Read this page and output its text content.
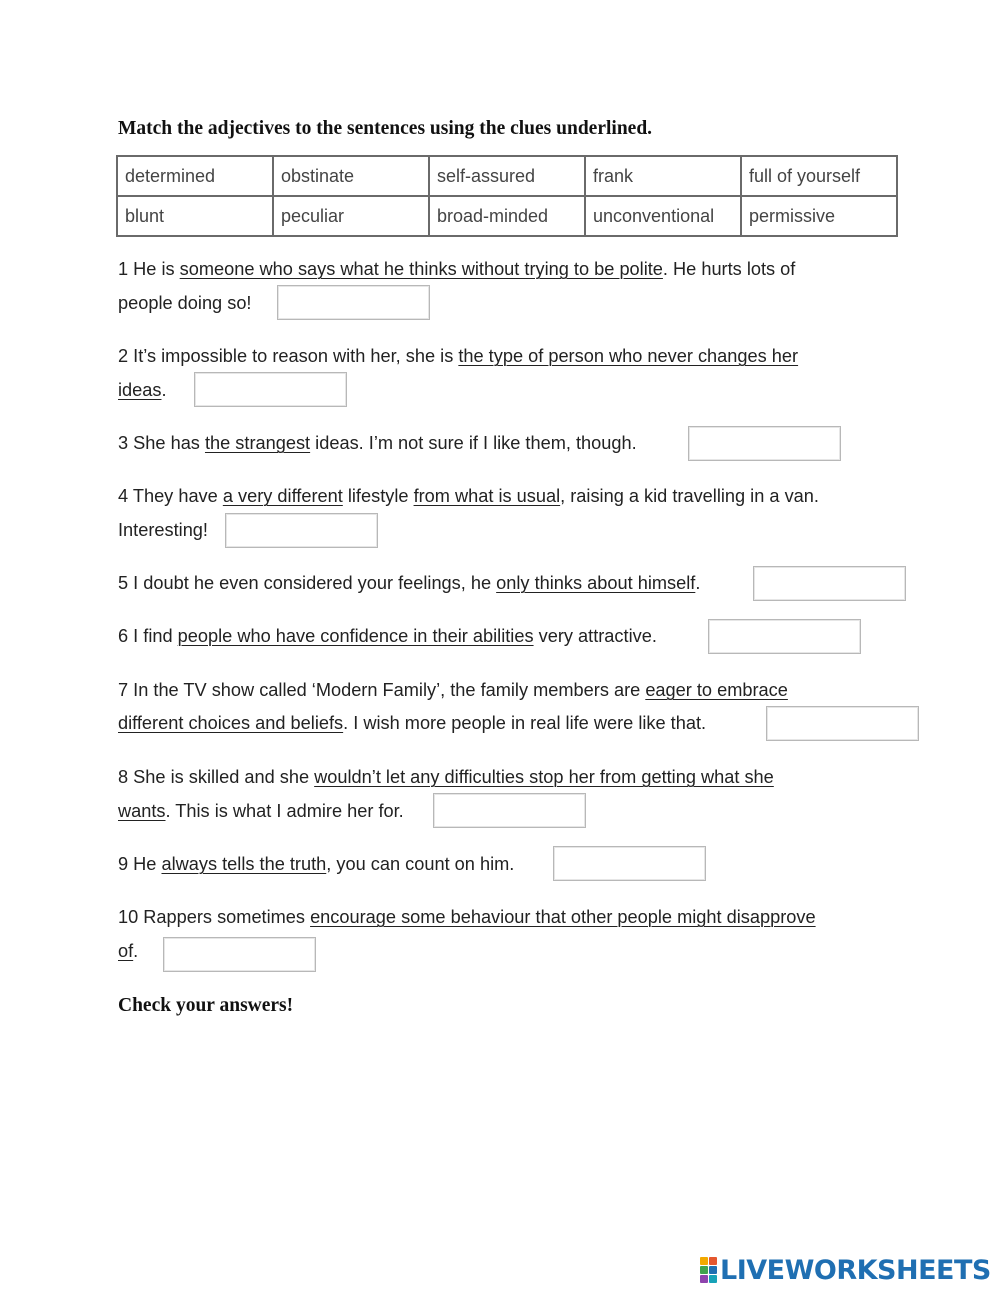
Match the adjectives to the sentences using the clues underlined.
determined	obstinate	self-assured	frank	full of yourself
blunt	peculiar	broad-minded	unconventional	permissive
1 He is someone who says what he thinks without trying to be polite. He hurts lots of
people doing so!
2 It’s impossible to reason with her, she is the type of person who never changes her
ideas.
3 She has the strangest ideas. I’m not sure if I like them, though.
4 They have a very different lifestyle from what is usual, raising a kid travelling in a van.
Interesting!
5 I doubt he even considered your feelings, he only thinks about himself.
6 I find people who have confidence in their abilities very attractive.
7 In the TV show called ‘Modern Family’, the family members are eager to embrace
different choices and beliefs. I wish more people in real life were like that.
8 She is skilled and she wouldn’t let any difficulties stop her from getting what she
wants. This is what I admire her for.
9 He always tells the truth, you can count on him.
10 Rappers sometimes encourage some behaviour that other people might disapprove
of.
Check your answers!
LIVEWORKSHEETS
